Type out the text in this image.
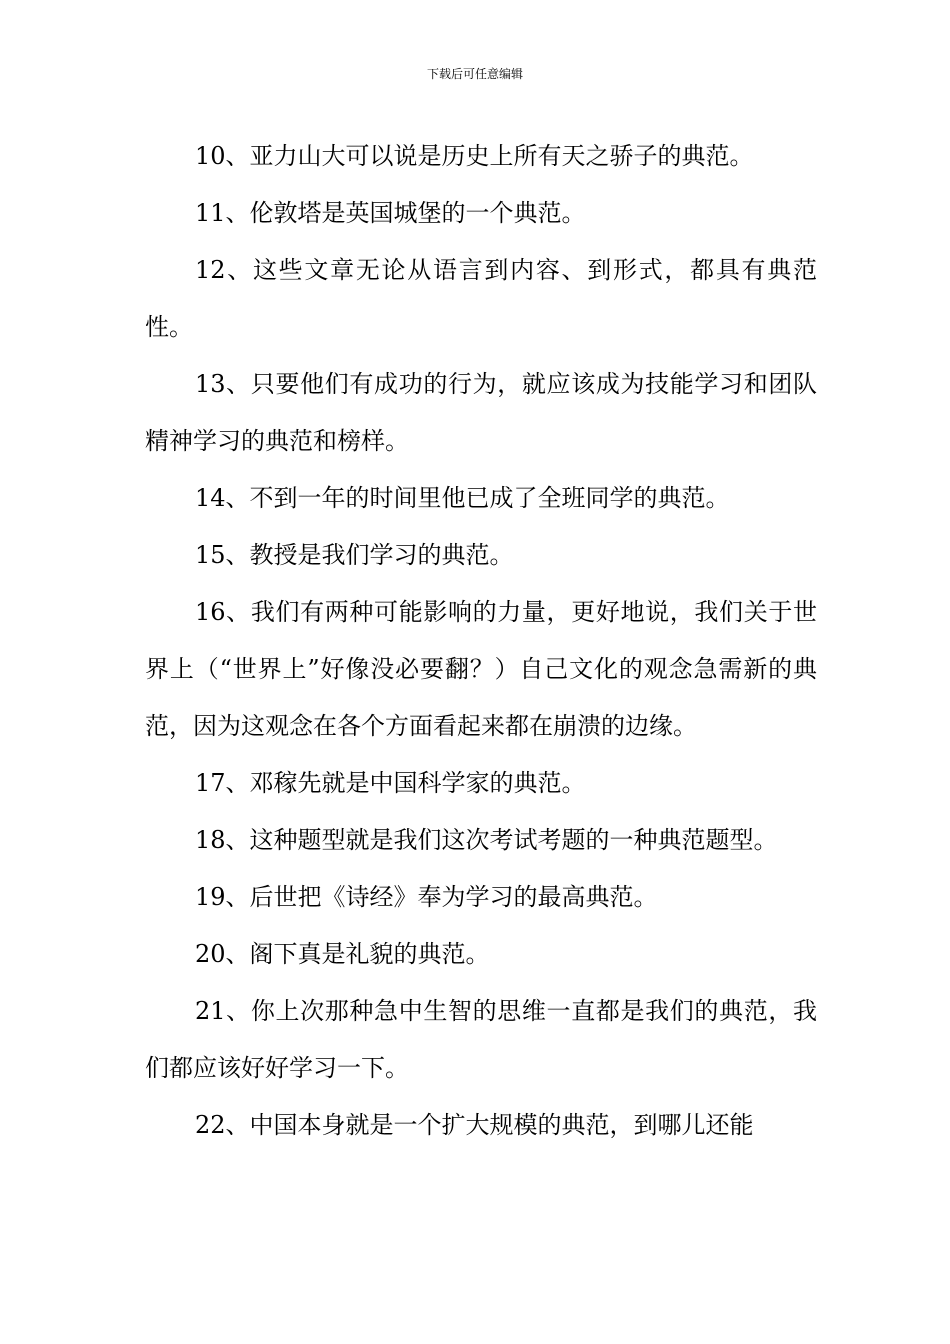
下载后可任意编辑

10、亚力山大可以说是历史上所有天之骄子的典范。

11、伦敦塔是英国城堡的一个典范。

12、这些文章无论从语言到内容、到形式，都具有典范性。

13、只要他们有成功的行为，就应该成为技能学习和团队精神学习的典范和榜样。

14、不到一年的时间里他已成了全班同学的典范。

15、教授是我们学习的典范。

16、我们有两种可能影响的力量，更好地说，我们关于世界上（“世界上”好像没必要翻？）自己文化的观念急需新的典范，因为这观念在各个方面看起来都在崩溃的边缘。

17、邓稼先就是中国科学家的典范。

18、这种题型就是我们这次考试考题的一种典范题型。

19、后世把《诗经》奉为学习的最高典范。

20、阁下真是礼貌的典范。

21、你上次那种急中生智的思维一直都是我们的典范，我们都应该好好学习一下。

22、中国本身就是一个扩大规模的典范，到哪儿还能
